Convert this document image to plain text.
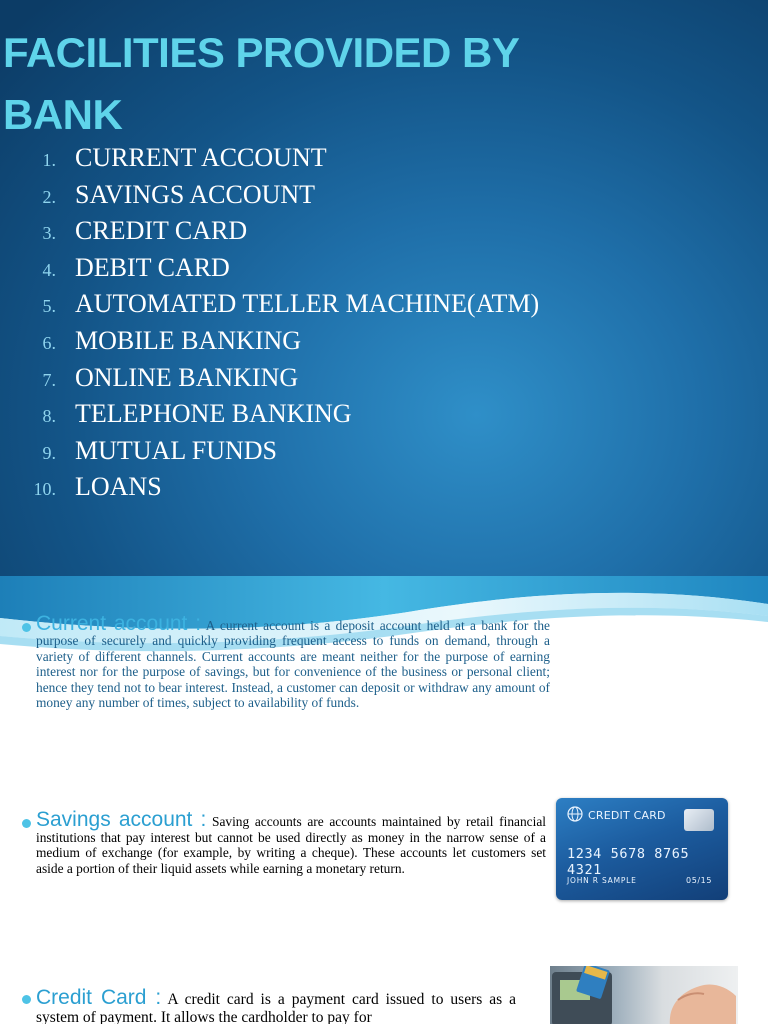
FACILITIES PROVIDED BY BANK
1. CURRENT ACCOUNT
2. SAVINGS ACCOUNT
3. CREDIT CARD
4. DEBIT CARD
5. AUTOMATED TELLER MACHINE(ATM)
6. MOBILE BANKING
7. ONLINE BANKING
8. TELEPHONE BANKING
9. MUTUAL FUNDS
10. LOANS

Current account : A current account is a deposit account held at a bank for the purpose of securely and quickly providing frequent access to funds on demand, through a variety of different channels. Current accounts are meant neither for the purpose of earning interest nor for the purpose of savings, but for convenience of the business or personal client; hence they tend not to bear interest. Instead, a customer can deposit or withdraw any amount of money any number of times, subject to availability of funds.

Savings account : Saving accounts are accounts maintained by retail financial institutions that pay interest but cannot be used directly as money in the narrow sense of a medium of exchange (for example, by writing a cheque). These accounts let customers set aside a portion of their liquid assets while earning a monetary return.

CREDIT CARD
1234 5678 8765 4321
JOHN R SAMPLE	05/15

Credit Card : A credit card is a payment card issued to users as a system of payment. It allows the cardholder to pay for
